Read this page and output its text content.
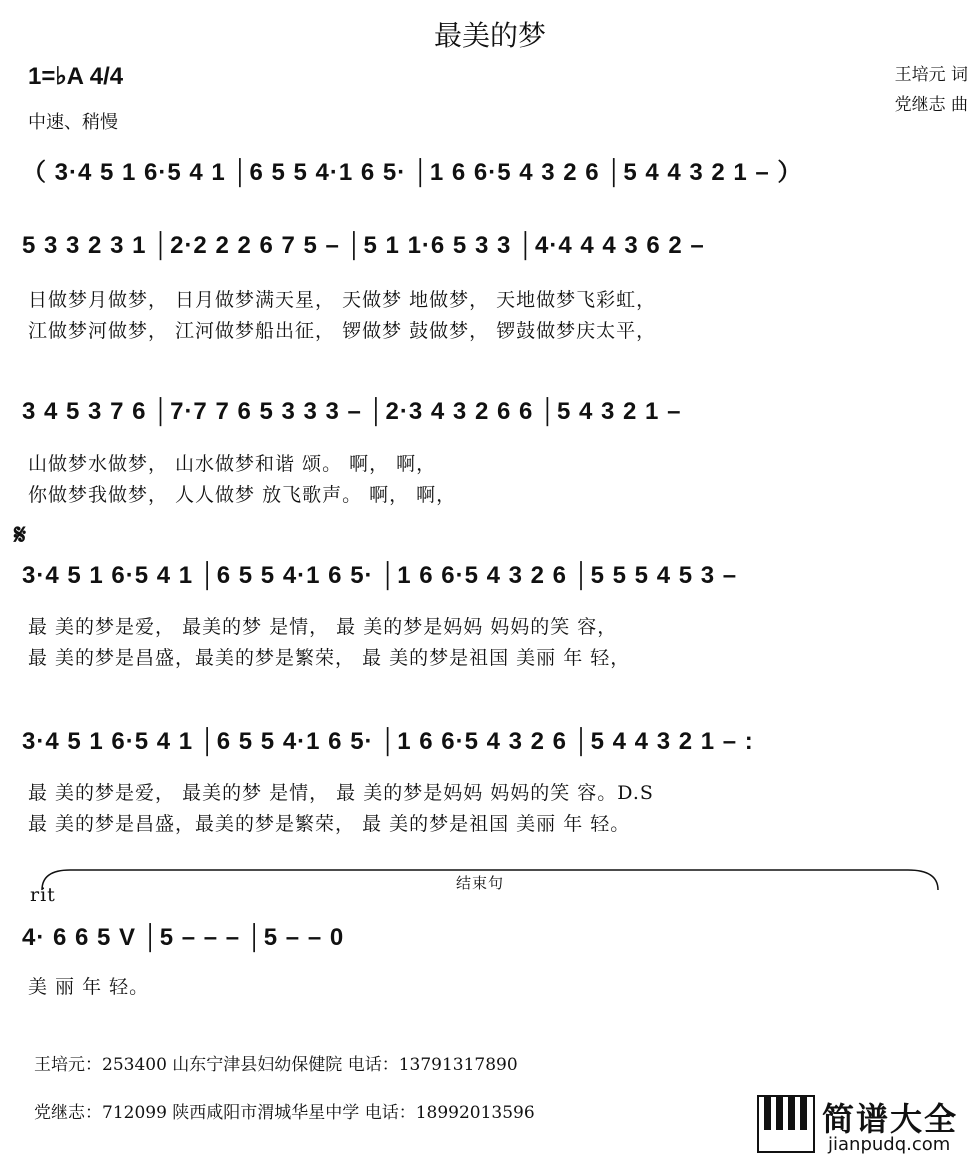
最美的梦
1=♭A 4/4
中速、稍慢
王培元 词
党继志 曲
（ 3·4 5 1 6·5 4 1 │6 5 5 4·1 6 5· │1 6 6·5 4 3 2 6 │5 4 4 3 2 1 – ）
5 3 3 2 3 1 │2·2 2 2 6 7 5 – │5 1 1·6 5 3 3 │4·4 4 4 3 6 2 –
日做梦月做梦， 日月做梦满天星， 天做梦 地做梦， 天地做梦飞彩虹，
江做梦河做梦， 江河做梦船出征， 锣做梦 鼓做梦， 锣鼓做梦庆太平，
3 4 5 3 7 6 │7·7 7 6 5 3 3 3 – │2·3 4 3 2 6 6 │5 4 3 2 1 –
山做梦水做梦， 山水做梦和谐 颂。 啊， 啊，
你做梦我做梦， 人人做梦 放飞歌声。 啊， 啊，
𝄋
3·4 5 1 6·5 4 1 │6 5 5 4·1 6 5· │1 6 6·5 4 3 2 6 │5 5 5 4 5 3 –
最 美的梦是爱， 最美的梦 是情， 最 美的梦是妈妈 妈妈的笑 容，
最 美的梦是昌盛，最美的梦是繁荣， 最 美的梦是祖国 美丽 年 轻，
3·4 5 1 6·5 4 1 │6 5 5 4·1 6 5· │1 6 6·5 4 3 2 6 │5 4 4 3 2 1 – :
最 美的梦是爱， 最美的梦 是情， 最 美的梦是妈妈 妈妈的笑 容。D.S
最 美的梦是昌盛，最美的梦是繁荣， 最 美的梦是祖国 美丽 年 轻。
rit
结束句
4· 6 6 5 V │5 – – – │5 – – 0
美 丽 年 轻。
王培元：253400 山东宁津县妇幼保健院 电话：13791317890
党继志：712099 陕西咸阳市渭城华星中学 电话：18992013596	简谱大全
jianpudq.com
